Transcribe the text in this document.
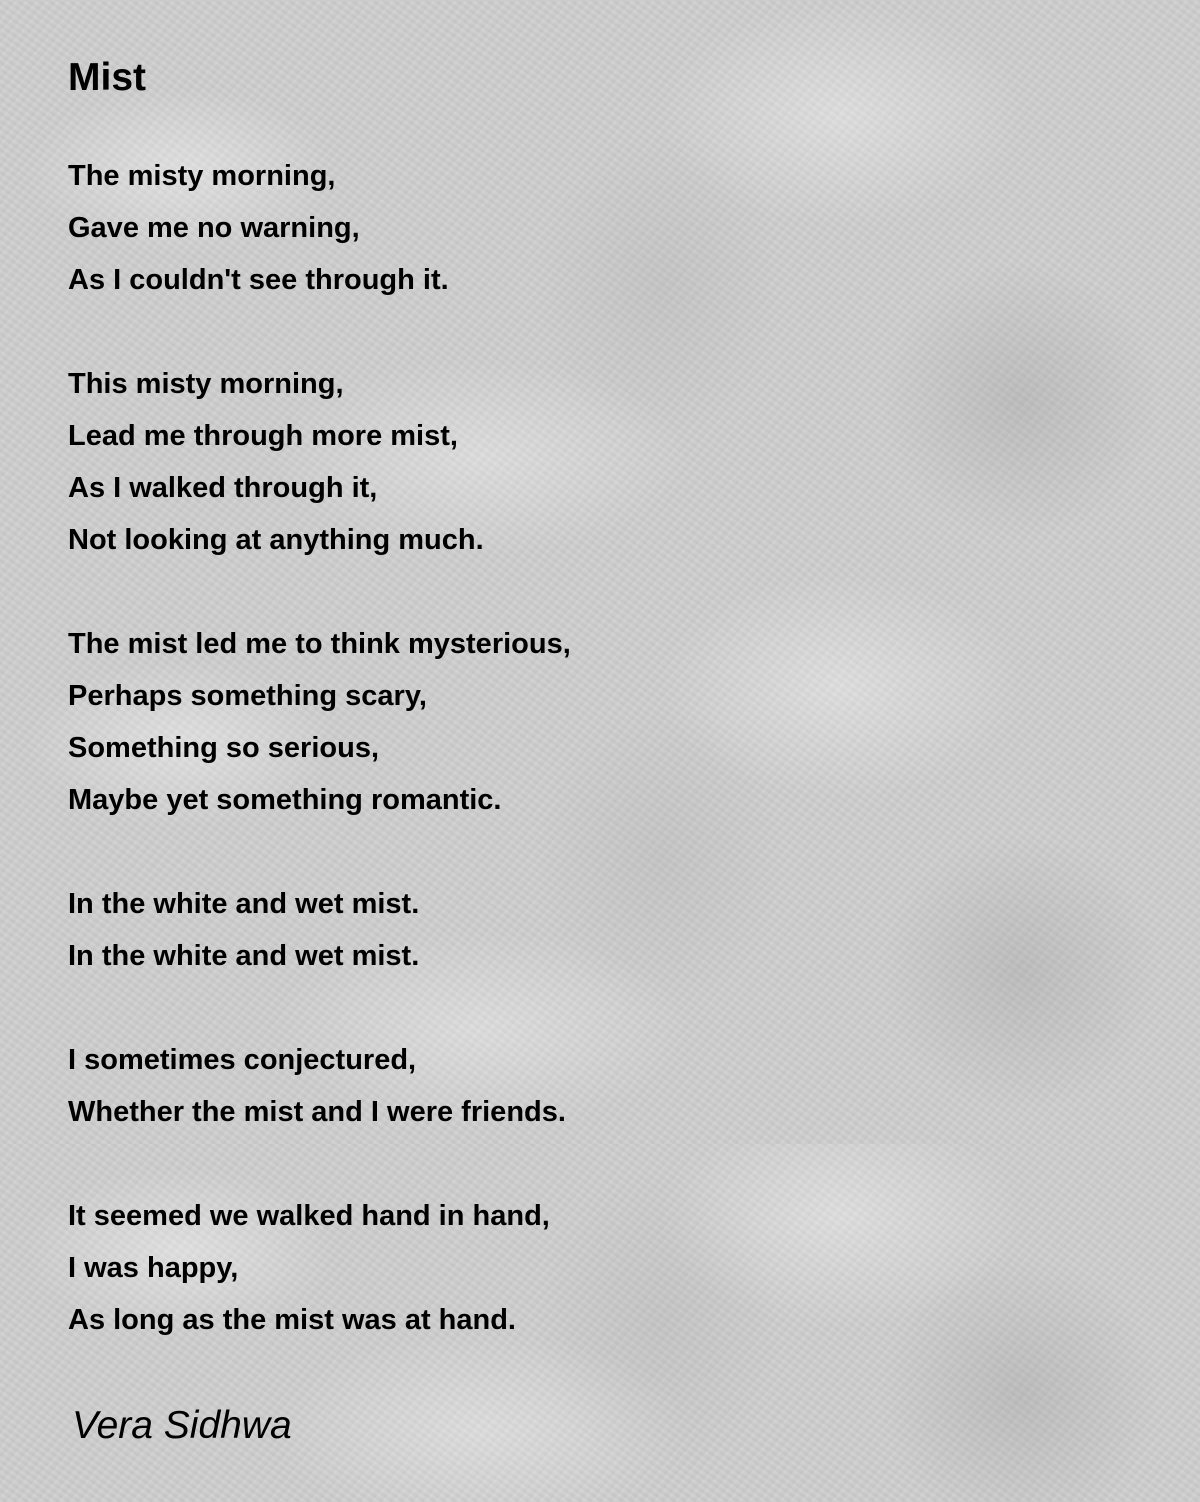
Mist
The misty morning,
Gave me no warning,
As I couldn't see through it.
This misty morning,
Lead me through more mist,
As I walked through it,
Not looking at anything much.
The mist led me to think mysterious,
Perhaps something scary,
Something so serious,
Maybe yet something romantic.
In the white and wet mist.
In the white and wet mist.
I sometimes conjectured,
Whether the mist and I were friends.
It seemed we walked hand in hand,
I was happy,
As long as the mist was at hand.

Vera Sidhwa
